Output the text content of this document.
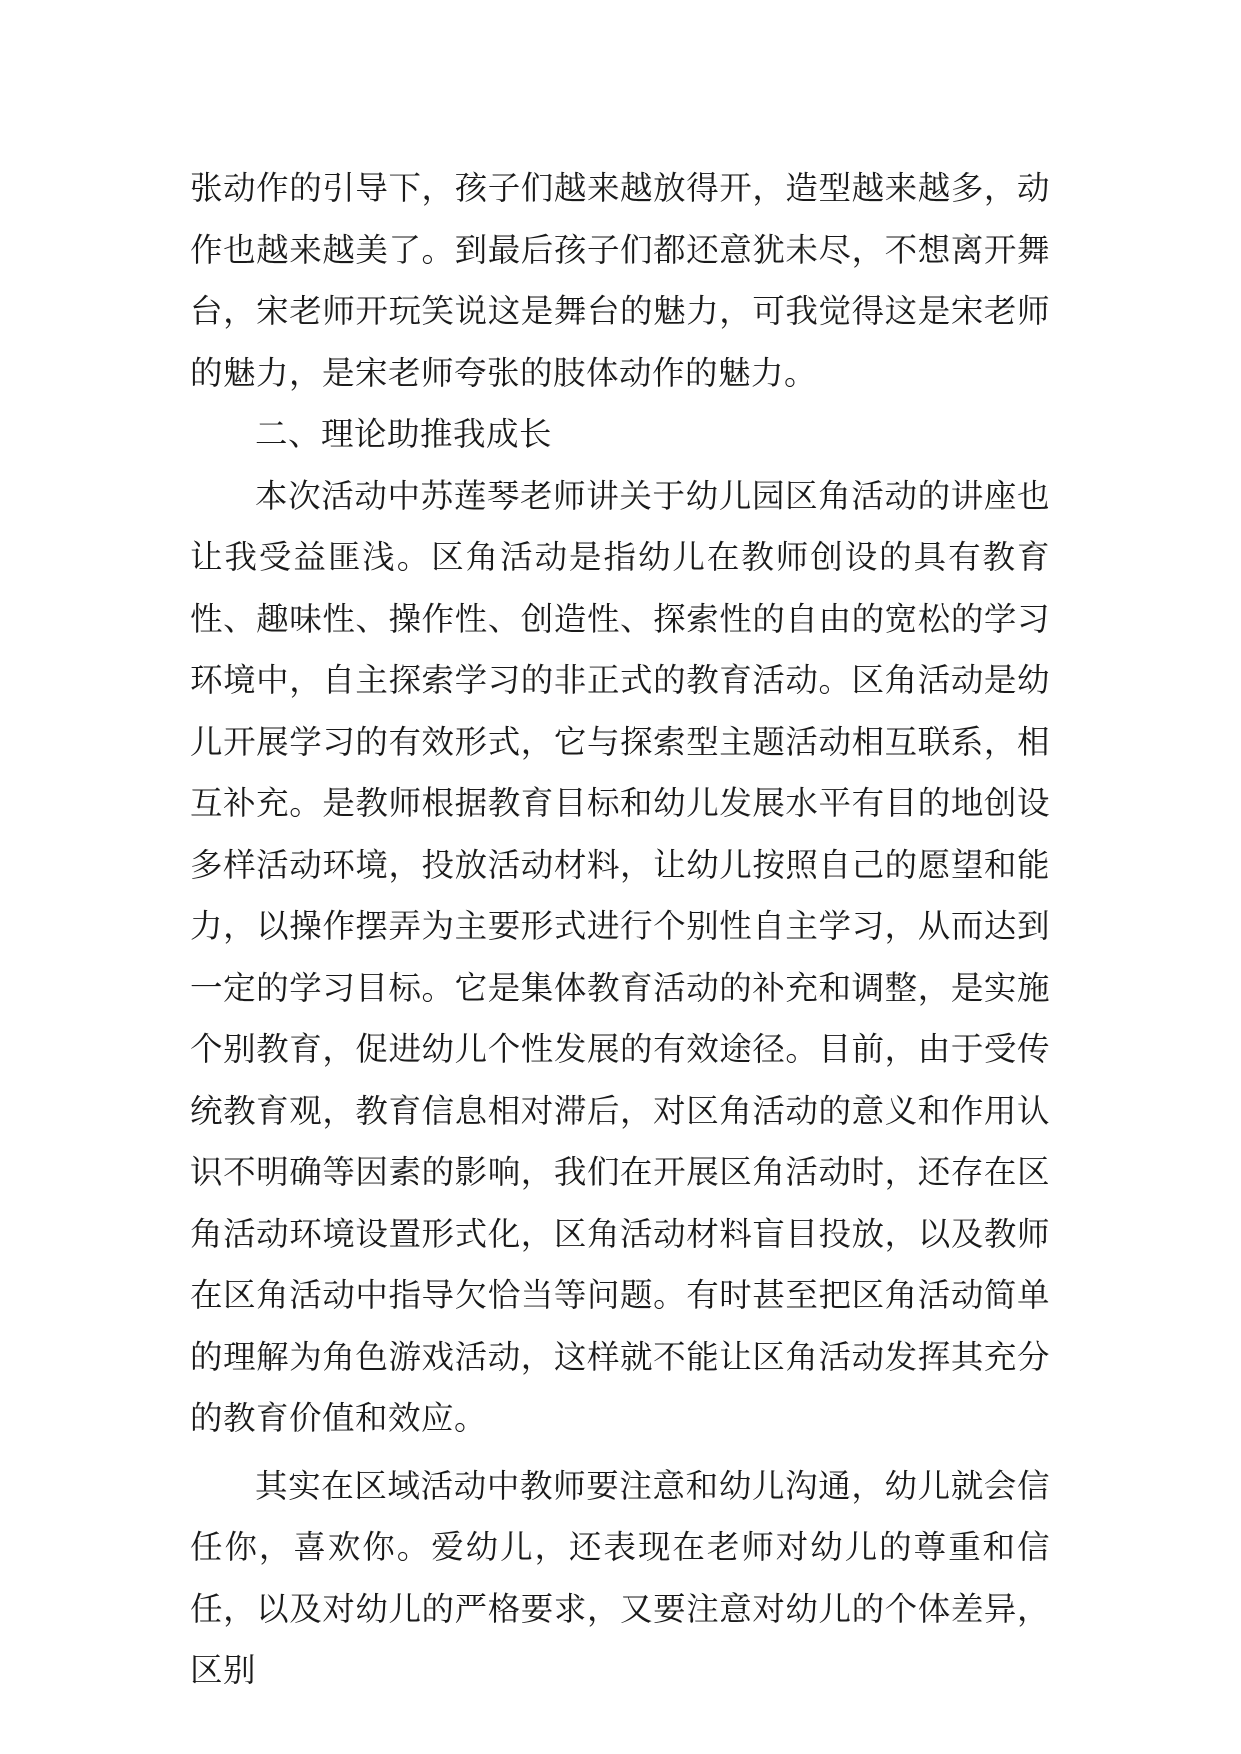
张动作的引导下，孩子们越来越放得开，造型越来越多，动作也越来越美了。到最后孩子们都还意犹未尽，不想离开舞台，宋老师开玩笑说这是舞台的魅力，可我觉得这是宋老师的魅力，是宋老师夸张的肢体动作的魅力。

二、理论助推我成长

本次活动中苏莲琴老师讲关于幼儿园区角活动的讲座也让我受益匪浅。区角活动是指幼儿在教师创设的具有教育性、趣味性、操作性、创造性、探索性的自由的宽松的学习环境中，自主探索学习的非正式的教育活动。区角活动是幼儿开展学习的有效形式，它与探索型主题活动相互联系，相互补充。是教师根据教育目标和幼儿发展水平有目的地创设多样活动环境，投放活动材料，让幼儿按照自己的愿望和能力，以操作摆弄为主要形式进行个别性自主学习，从而达到一定的学习目标。它是集体教育活动的补充和调整，是实施个别教育，促进幼儿个性发展的有效途径。目前，由于受传统教育观，教育信息相对滞后，对区角活动的意义和作用认识不明确等因素的影响，我们在开展区角活动时，还存在区角活动环境设置形式化，区角活动材料盲目投放，以及教师在区角活动中指导欠恰当等问题。有时甚至把区角活动简单的理解为角色游戏活动，这样就不能让区角活动发挥其充分的教育价值和效应。

其实在区域活动中教师要注意和幼儿沟通，幼儿就会信任你，喜欢你。爱幼儿，还表现在老师对幼儿的尊重和信任，以及对幼儿的严格要求，又要注意对幼儿的个体差异，区别
